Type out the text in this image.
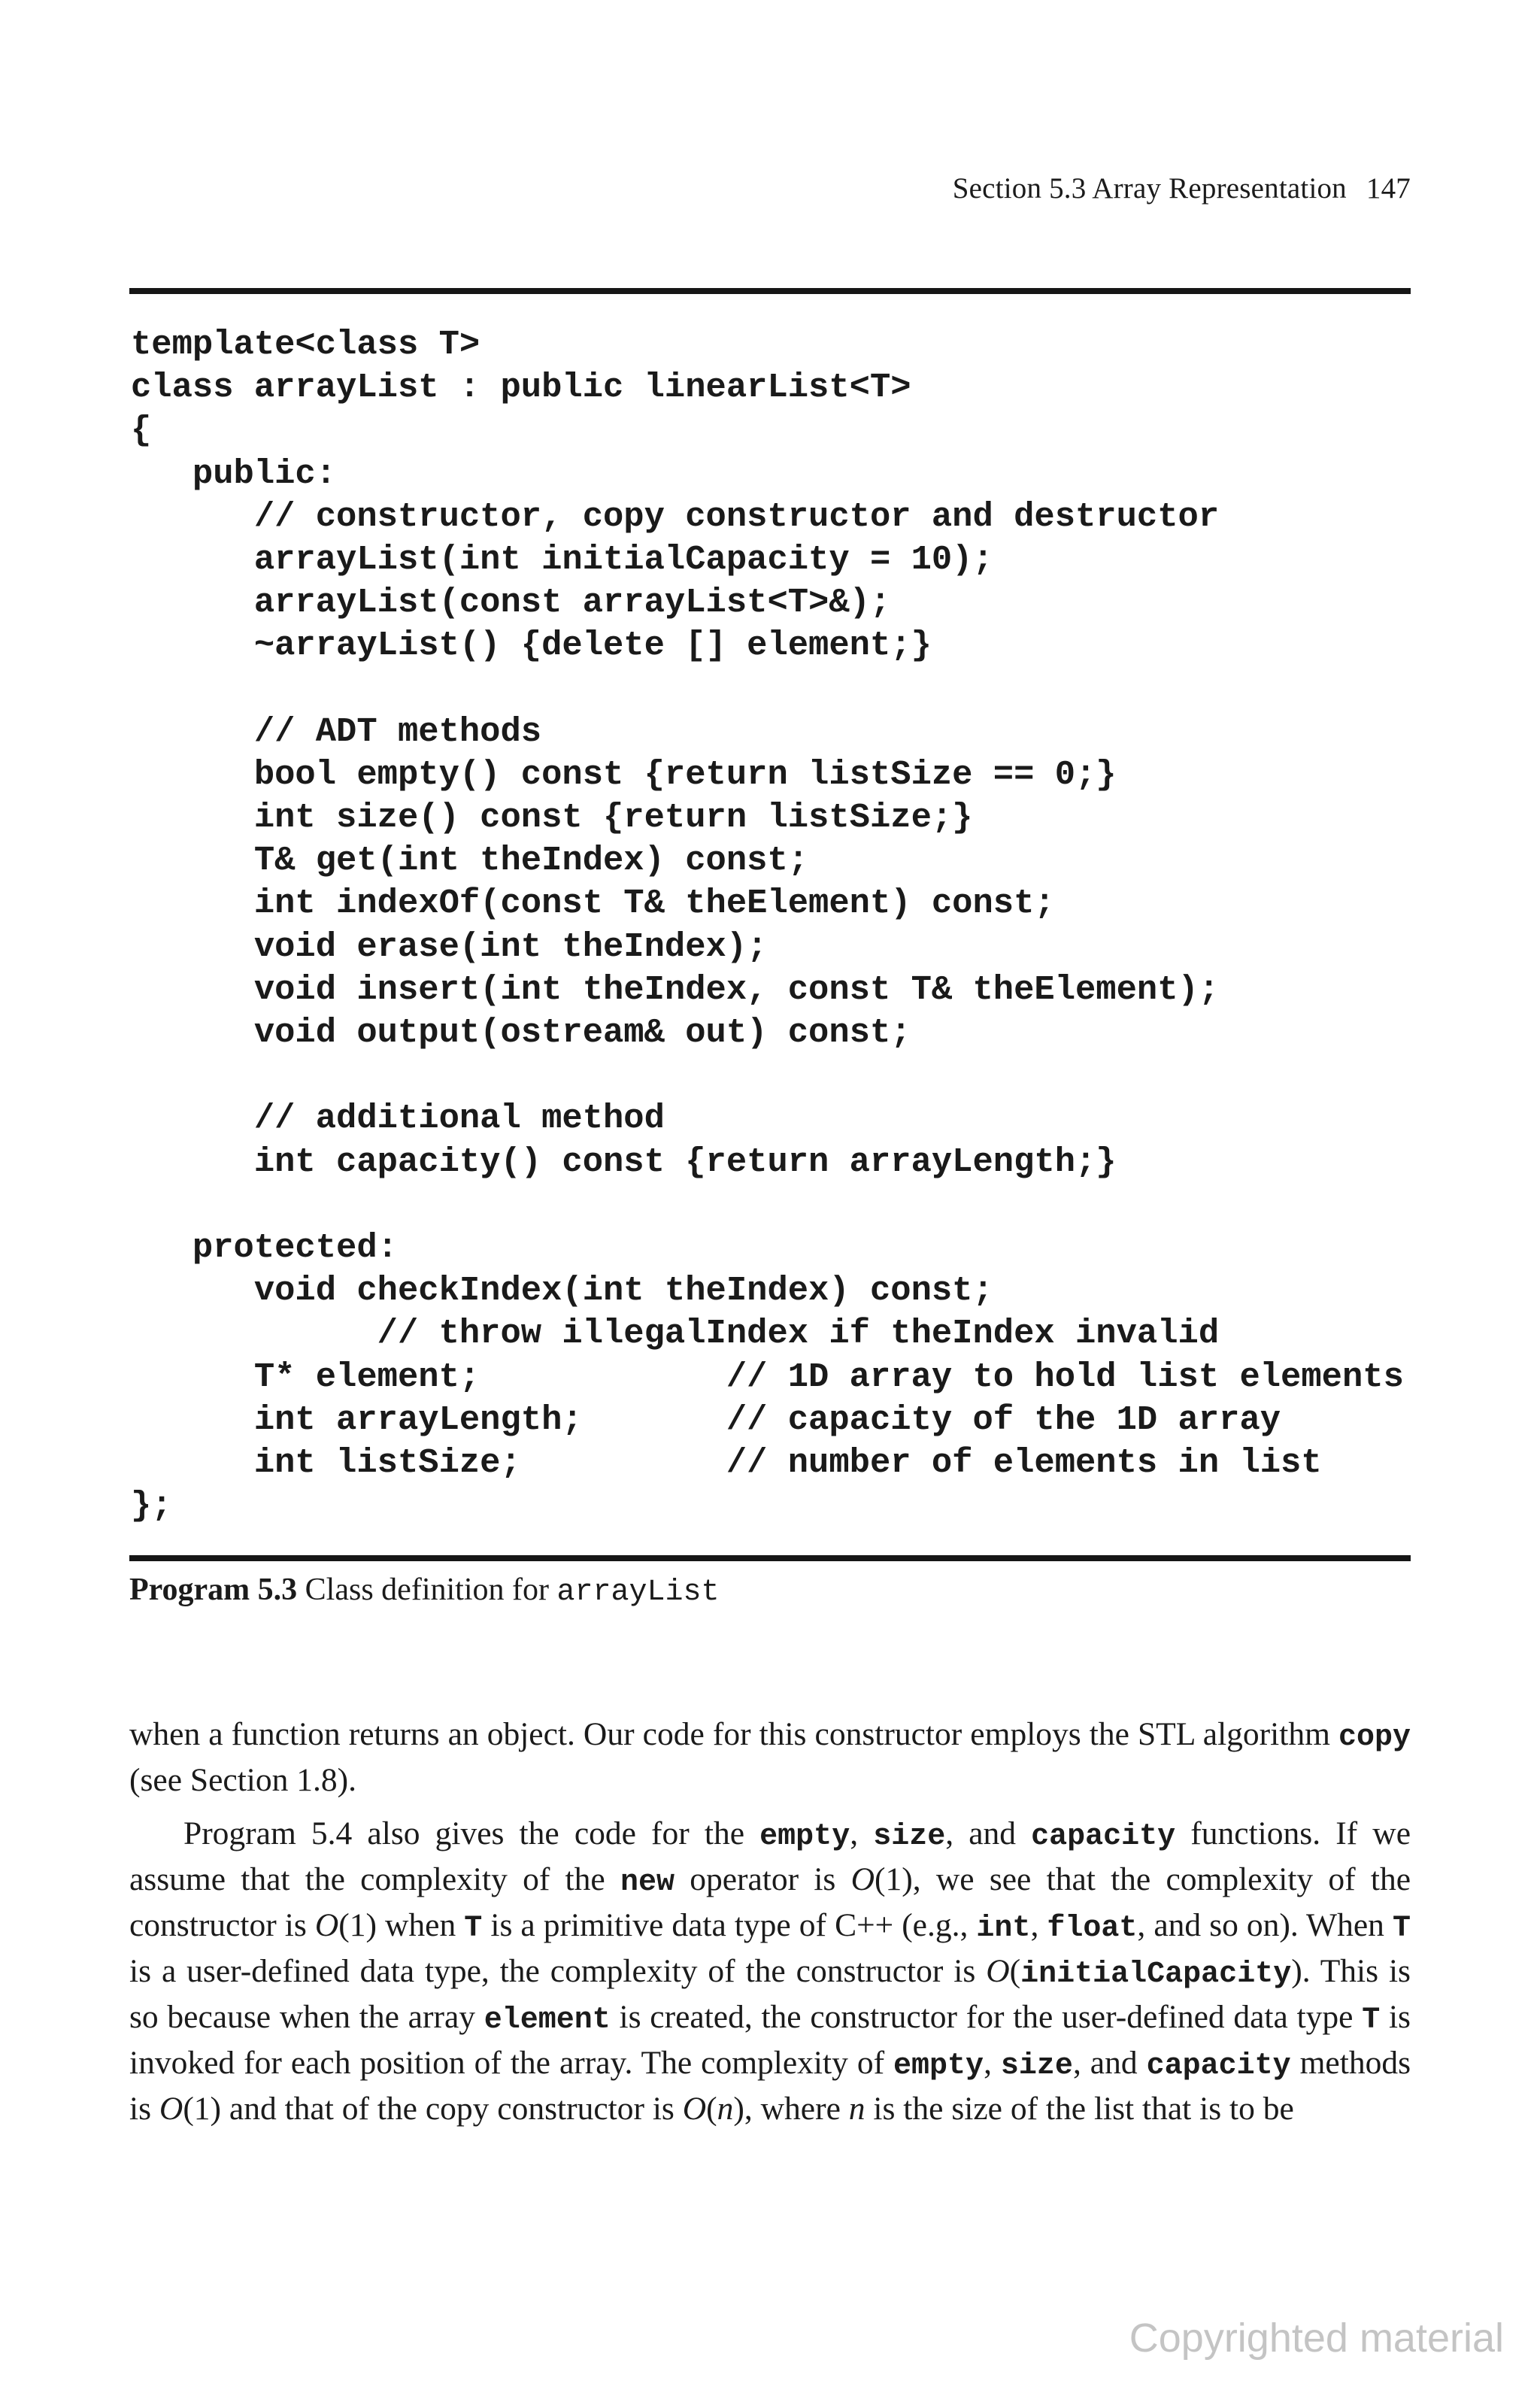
Section 5.3 Array Representation 147
template<class T>
class arrayList : public linearList<T>
{
public:
// constructor, copy constructor and destructor
arrayList(int initialCapacity = 10);
arrayList(const arrayList<T>&);
~arrayList() {delete [] element;}
// ADT methods
bool empty() const {return listSize == 0;}
int size() const {return listSize;}
T& get(int theIndex) const;
int indexOf(const T& theElement) const;
void erase(int theIndex);
void insert(int theIndex, const T& theElement);
void output(ostream& out) const;
// additional method
int capacity() const {return arrayLength;}
protected:
void checkIndex(int theIndex) const;
// throw illegalIndex if theIndex invalid
T* element;            // 1D array to hold list elements
int arrayLength;       // capacity of the 1D array
int listSize;          // number of elements in list
};
Program 5.3 Class definition for arrayList

when a function returns an object. Our code for this constructor employs the STL algorithm copy (see Section 1.8).

Program 5.4 also gives the code for the empty, size, and capacity functions. If we assume that the complexity of the new operator is O(1), we see that the complexity of the constructor is O(1) when T is a primitive data type of C++ (e.g., int, float, and so on). When T is a user-defined data type, the complexity of the constructor is O(initialCapacity). This is so because when the array element is created, the constructor for the user-defined data type T is invoked for each position of the array. The complexity of empty, size, and capacity methods is O(1) and that of the copy constructor is O(n), where n is the size of the list that is to be

Copyrighted material
